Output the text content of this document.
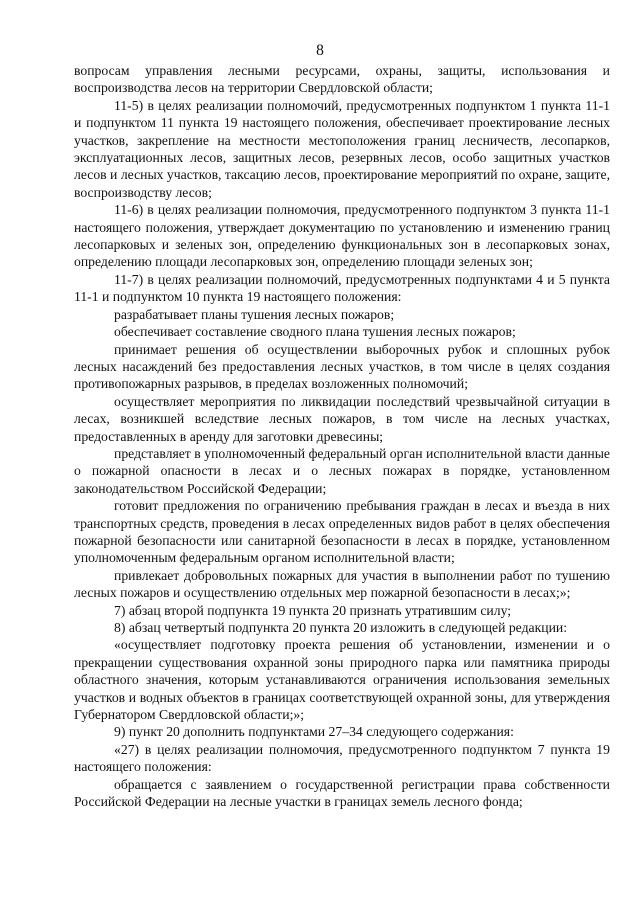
8

вопросам управления лесными ресурсами, охраны, защиты, использования и воспроизводства лесов на территории Свердловской области;

11-5) в целях реализации полномочий, предусмотренных подпунктом 1 пункта 11-1 и подпунктом 11 пункта 19 настоящего положения, обеспечивает проектирование лесных участков, закрепление на местности местоположения границ лесничеств, лесопарков, эксплуатационных лесов, защитных лесов, резервных лесов, особо защитных участков лесов и лесных участков, таксацию лесов, проектирование мероприятий по охране, защите, воспроизводству лесов;

11-6) в целях реализации полномочия, предусмотренного подпунктом 3 пункта 11-1 настоящего положения, утверждает документацию по установлению и изменению границ лесопарковых и зеленых зон, определению функциональных зон в лесопарковых зонах, определению площади лесопарковых зон, определению площади зеленых зон;

11-7) в целях реализации полномочий, предусмотренных подпунктами 4 и 5 пункта 11-1 и подпунктом 10 пункта 19 настоящего положения:

разрабатывает планы тушения лесных пожаров;

обеспечивает составление сводного плана тушения лесных пожаров;

принимает решения об осуществлении выборочных рубок и сплошных рубок лесных насаждений без предоставления лесных участков, в том числе в целях создания противопожарных разрывов, в пределах возложенных полномочий;

осуществляет мероприятия по ликвидации последствий чрезвычайной ситуации в лесах, возникшей вследствие лесных пожаров, в том числе на лесных участках, предоставленных в аренду для заготовки древесины;

представляет в уполномоченный федеральный орган исполнительной власти данные о пожарной опасности в лесах и о лесных пожарах в порядке, установленном законодательством Российской Федерации;

готовит предложения по ограничению пребывания граждан в лесах и въезда в них транспортных средств, проведения в лесах определенных видов работ в целях обеспечения пожарной безопасности или санитарной безопасности в лесах в порядке, установленном уполномоченным федеральным органом исполнительной власти;

привлекает добровольных пожарных для участия в выполнении работ по тушению лесных пожаров и осуществлению отдельных мер пожарной безопасности в лесах;»;

7) абзац второй подпункта 19 пункта 20 признать утратившим силу;

8) абзац четвертый подпункта 20 пункта 20 изложить в следующей редакции:

«осуществляет подготовку проекта решения об установлении, изменении и о прекращении существования охранной зоны природного парка или памятника природы областного значения, которым устанавливаются ограничения использования земельных участков и водных объектов в границах соответствующей охранной зоны, для утверждения Губернатором Свердловской области;»;

9) пункт 20 дополнить подпунктами 27–34 следующего содержания:

«27) в целях реализации полномочия, предусмотренного подпунктом 7 пункта 19 настоящего положения:

обращается с заявлением о государственной регистрации права собственности Российской Федерации на лесные участки в границах земель лесного фонда;
